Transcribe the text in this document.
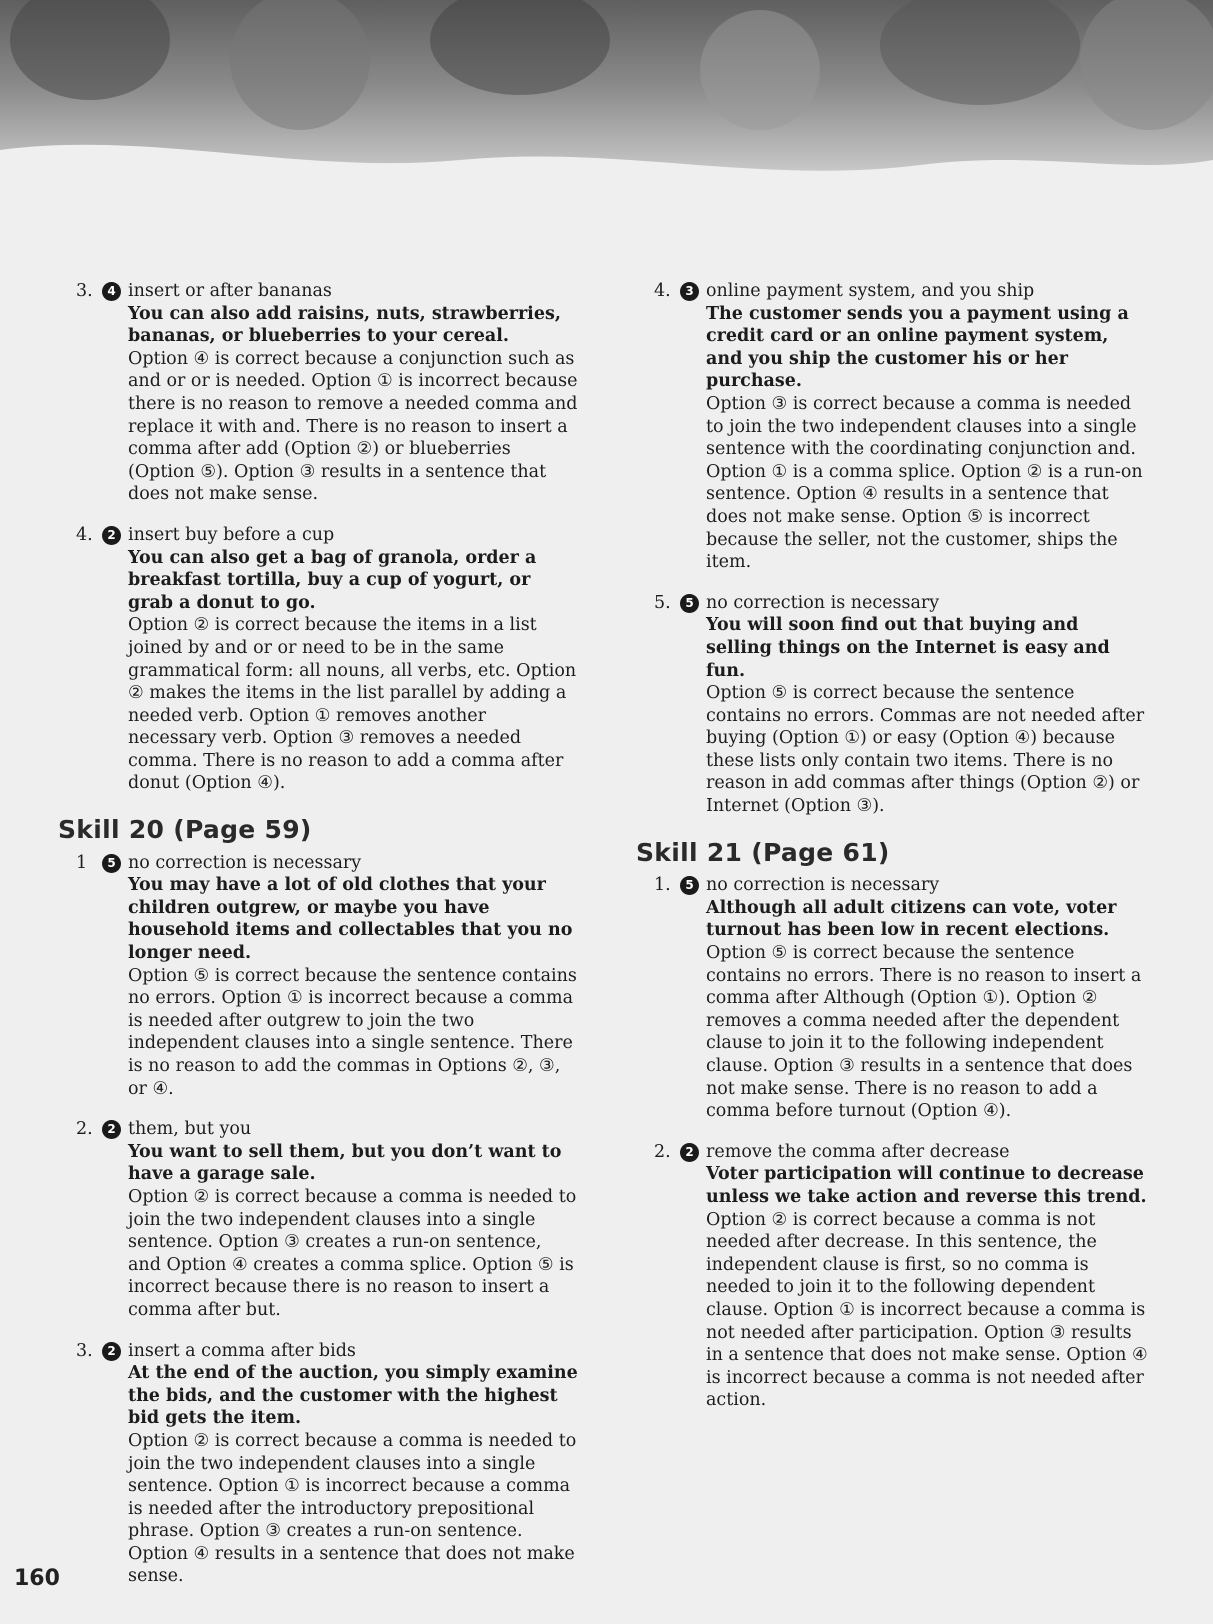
3.	4 insert or after bananas
You can also add raisins, nuts, strawberries, bananas, or blueberries to your cereal.
Option ④ is correct because a conjunction such as and or or is needed. Option ① is incorrect because there is no reason to remove a needed comma and replace it with and. There is no reason to insert a comma after add (Option ②) or blueberries (Option ⑤). Option ③ results in a sentence that does not make sense.
4.	2 insert buy before a cup
You can also get a bag of granola, order a breakfast tortilla, buy a cup of yogurt, or grab a donut to go.
Option ② is correct because the items in a list joined by and or or need to be in the same grammatical form: all nouns, all verbs, etc. Option ② makes the items in the list parallel by adding a needed verb. Option ① removes another necessary verb. Option ③ removes a needed comma. There is no reason to add a comma after donut (Option ④).
Skill 20 (Page 59)
1	5 no correction is necessary
You may have a lot of old clothes that your children outgrew, or maybe you have household items and collectables that you no longer need.
Option ⑤ is correct because the sentence contains no errors. Option ① is incorrect because a comma is needed after outgrew to join the two independent clauses into a single sentence. There is no reason to add the commas in Options ②, ③, or ④.
2.	2 them, but you
You want to sell them, but you don’t want to have a garage sale.
Option ② is correct because a comma is needed to join the two independent clauses into a single sentence. Option ③ creates a run-on sentence, and Option ④ creates a comma splice. Option ⑤ is incorrect because there is no reason to insert a comma after but.
3.	2 insert a comma after bids
At the end of the auction, you simply examine the bids, and the customer with the highest bid gets the item.
Option ② is correct because a comma is needed to join the two independent clauses into a single sentence. Option ① is incorrect because a comma is needed after the introductory prepositional phrase. Option ③ creates a run-on sentence. Option ④ results in a sentence that does not make sense.
4.	3 online payment system, and you ship
The customer sends you a payment using a credit card or an online payment system, and you ship the customer his or her purchase.
Option ③ is correct because a comma is needed to join the two independent clauses into a single sentence with the coordinating conjunction and. Option ① is a comma splice. Option ② is a run-on sentence. Option ④ results in a sentence that does not make sense. Option ⑤ is incorrect because the seller, not the customer, ships the item.
5.	5 no correction is necessary
You will soon find out that buying and selling things on the Internet is easy and fun.
Option ⑤ is correct because the sentence contains no errors. Commas are not needed after buying (Option ①) or easy (Option ④) because these lists only contain two items. There is no reason in add commas after things (Option ②) or Internet (Option ③).
Skill 21 (Page 61)
1.	5 no correction is necessary
Although all adult citizens can vote, voter turnout has been low in recent elections.
Option ⑤ is correct because the sentence contains no errors. There is no reason to insert a comma after Although (Option ①). Option ② removes a comma needed after the dependent clause to join it to the following independent clause. Option ③ results in a sentence that does not make sense. There is no reason to add a comma before turnout (Option ④).
2.	2 remove the comma after decrease
Voter participation will continue to decrease unless we take action and reverse this trend.
Option ② is correct because a comma is not needed after decrease. In this sentence, the independent clause is first, so no comma is needed to join it to the following dependent clause. Option ① is incorrect because a comma is not needed after participation. Option ③ results in a sentence that does not make sense. Option ④ is incorrect because a comma is not needed after action.
160
